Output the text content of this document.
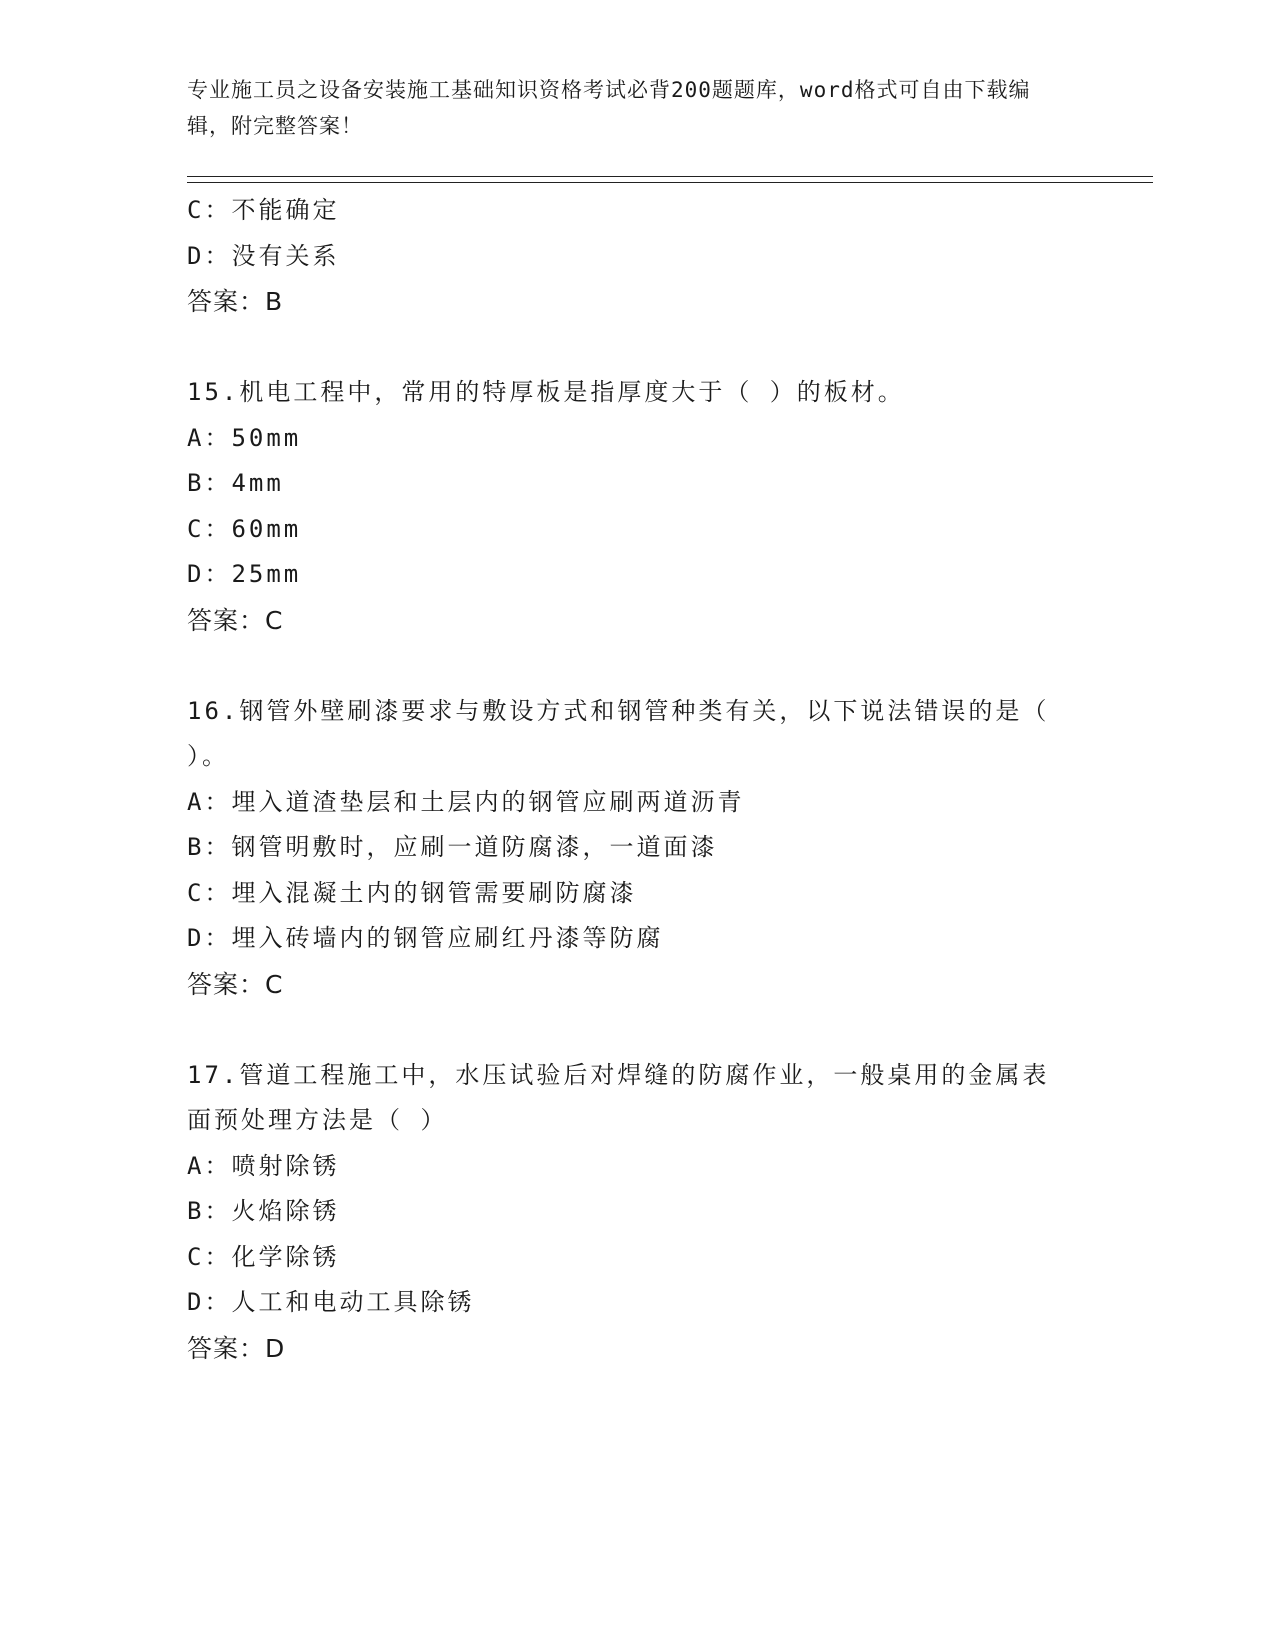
专业施工员之设备安装施工基础知识资格考试必背200题题库，word格式可自由下载编辑，附完整答案！
C：不能确定
D：没有关系
答案：B
15.机电工程中，常用的特厚板是指厚度大于（ ）的板材。
A：50mm
B：4mm
C：60mm
D：25mm
答案：C
16.钢管外壁刷漆要求与敷设方式和钢管种类有关，以下说法错误的是（ ）。
A：埋入道渣垫层和土层内的钢管应刷两道沥青
B：钢管明敷时，应刷一道防腐漆，一道面漆
C：埋入混凝土内的钢管需要刷防腐漆
D：埋入砖墙内的钢管应刷红丹漆等防腐
答案：C
17.管道工程施工中，水压试验后对焊缝的防腐作业，一般桌用的金属表面预处理方法是（ ）
A：喷射除锈
B：火焰除锈
C：化学除锈
D：人工和电动工具除锈
答案：D
